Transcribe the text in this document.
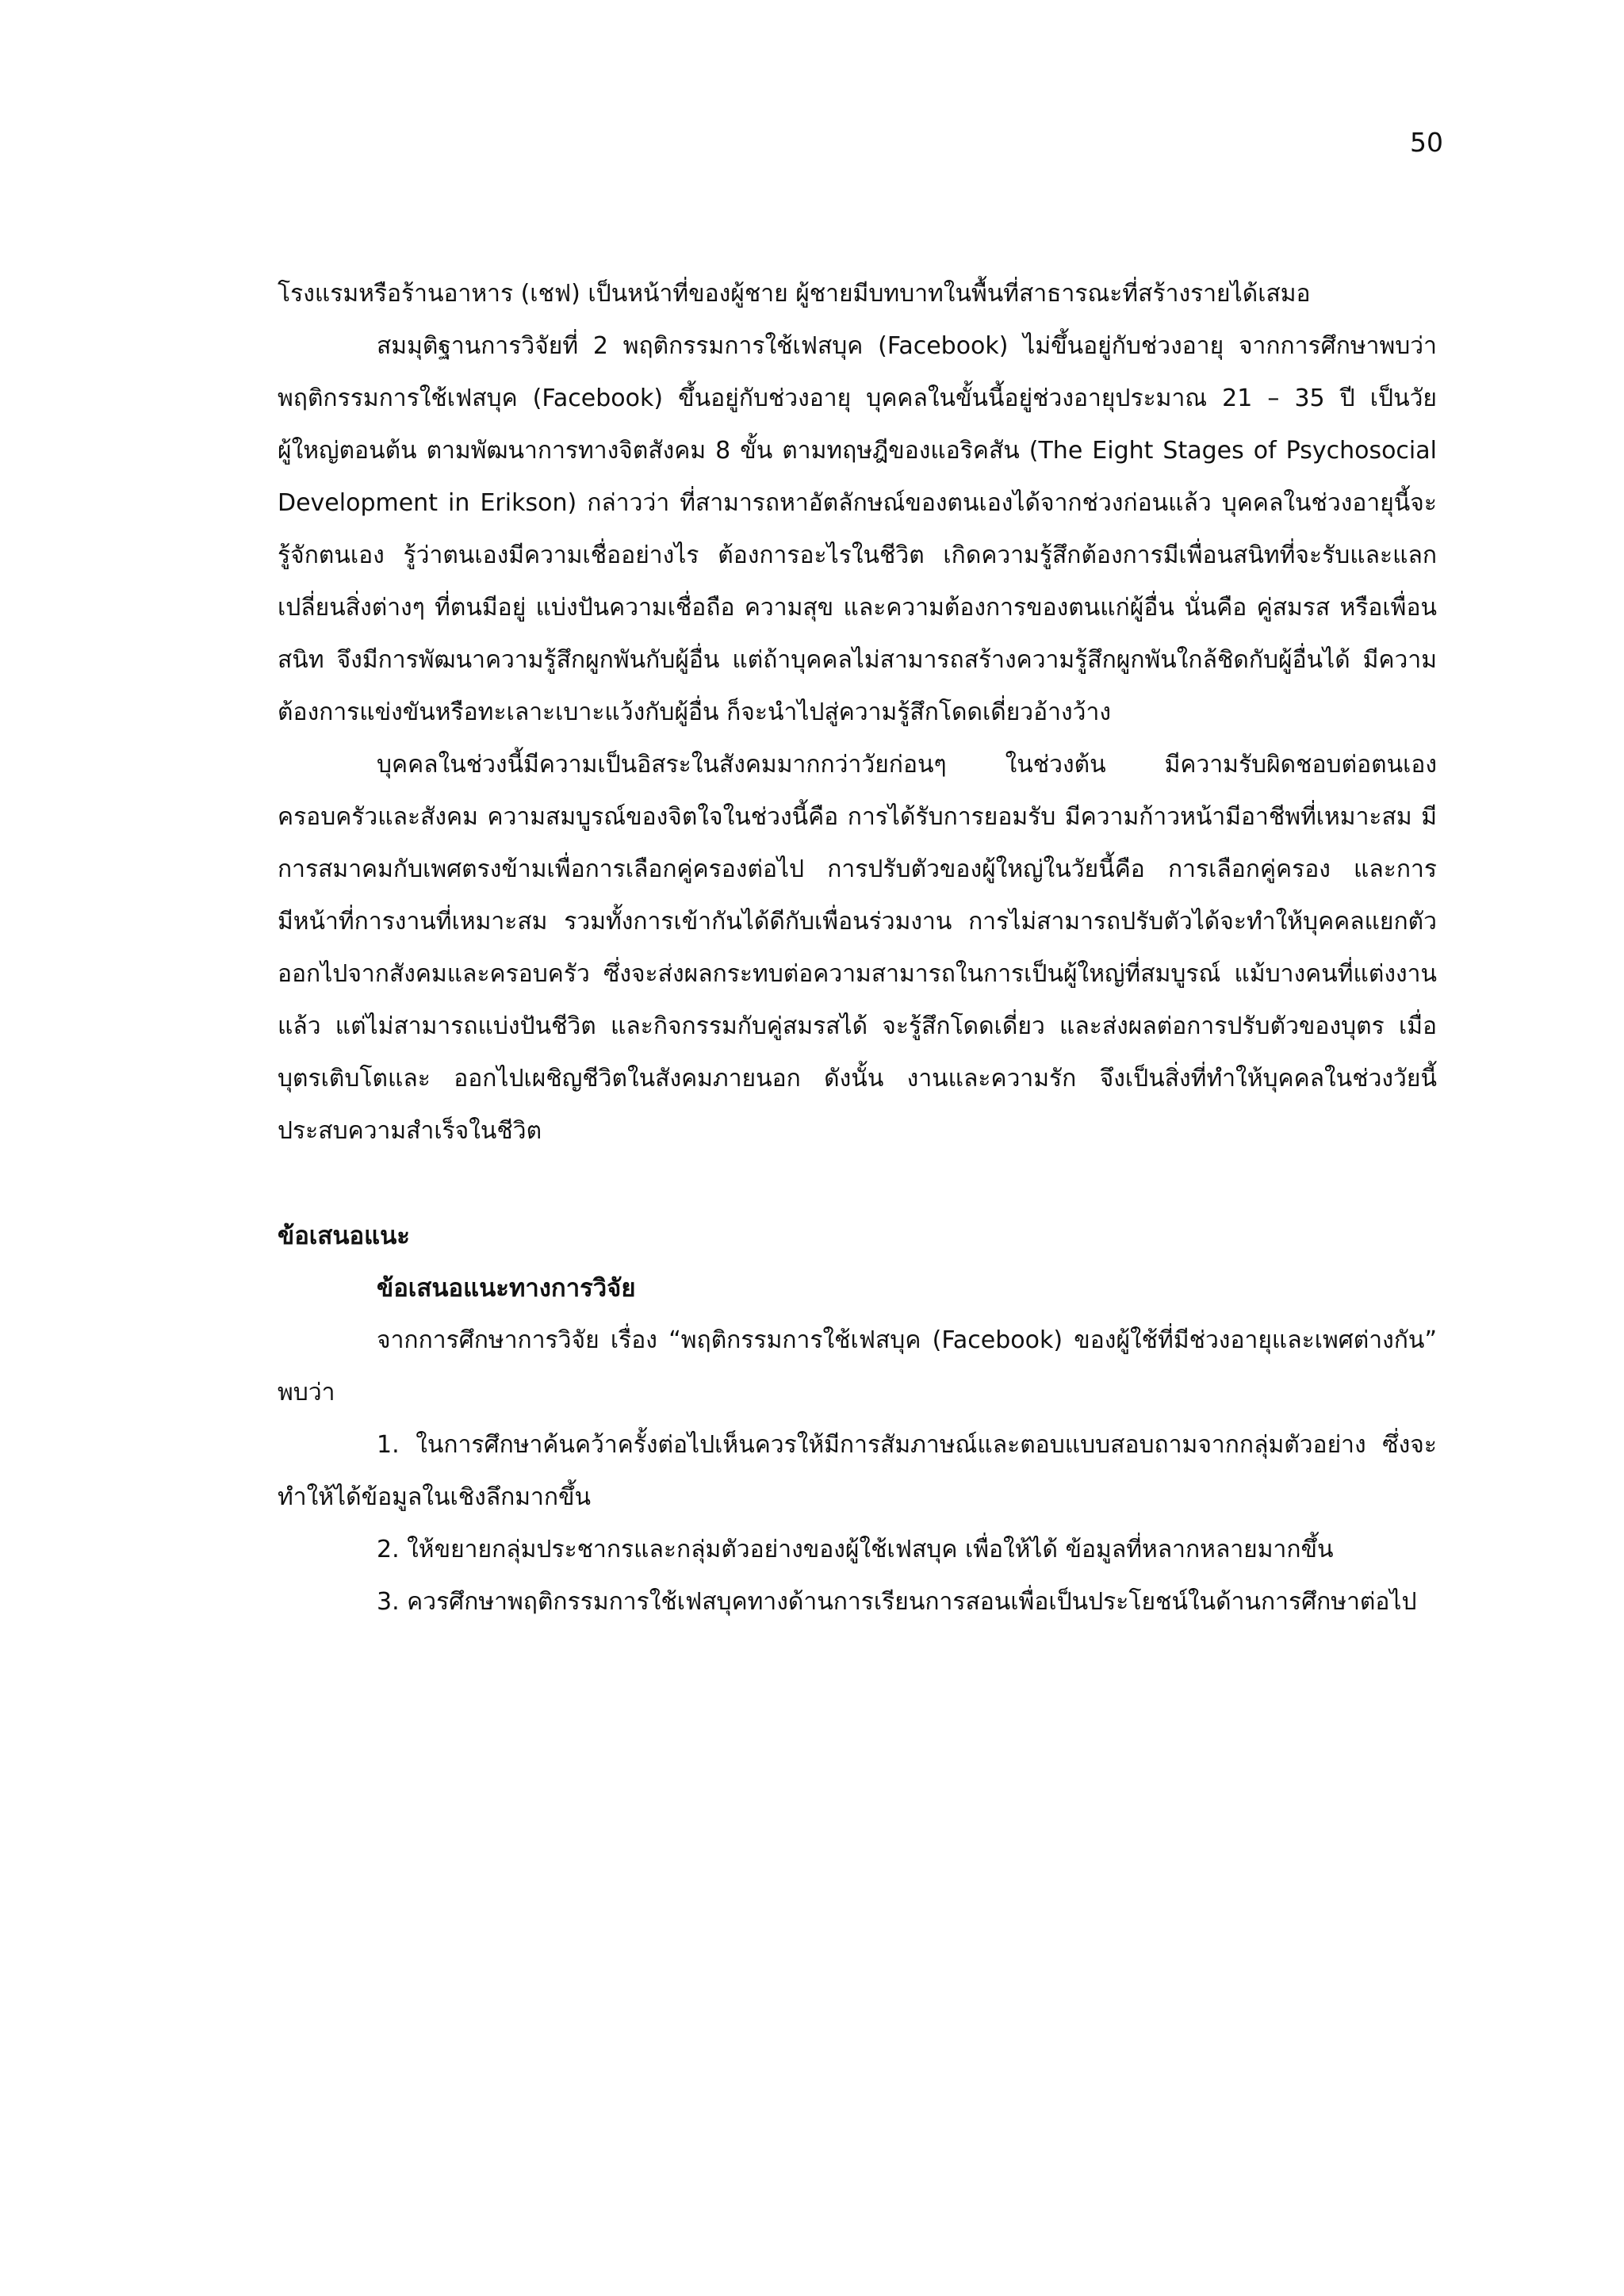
50

โรงแรมหรือร้านอาหาร (เชฟ) เป็นหน้าที่ของผู้ชาย ผู้ชายมีบทบาทในพื้นที่สาธารณะที่สร้างรายได้เสมอ

สมมุติฐานการวิจัยที่ 2 พฤติกรรมการใช้เฟสบุค (Facebook) ไม่ขึ้นอยู่กับช่วงอายุ จากการศึกษาพบว่า พฤติกรรมการใช้เฟสบุค (Facebook) ขึ้นอยู่กับช่วงอายุ บุคคลในขั้นนี้อยู่ช่วงอายุประมาณ 21 – 35 ปี เป็นวัยผู้ใหญ่ตอนต้น ตามพัฒนาการทางจิตสังคม 8 ขั้น ตามทฤษฎีของแอริคสัน (The Eight Stages of Psychosocial Development in Erikson) กล่าวว่า ที่สามารถหาอัตลักษณ์ของตนเองได้จากช่วงก่อนแล้ว บุคคลในช่วงอายุนี้จะรู้จักตนเอง รู้ว่าตนเองมีความเชื่ออย่างไร ต้องการอะไรในชีวิต เกิดความรู้สึกต้องการมีเพื่อนสนิทที่จะรับและแลกเปลี่ยนสิ่งต่างๆ ที่ตนมีอยู่ แบ่งปันความเชื่อถือ ความสุข และความต้องการของตนแก่ผู้อื่น นั่นคือ คู่สมรส หรือเพื่อนสนิท จึงมีการพัฒนาความรู้สึกผูกพันกับผู้อื่น แต่ถ้าบุคคลไม่สามารถสร้างความรู้สึกผูกพันใกล้ชิดกับผู้อื่นได้ มีความต้องการแข่งขันหรือทะเลาะเบาะแว้งกับผู้อื่น ก็จะนำไปสู่ความรู้สึกโดดเดี่ยวอ้างว้าง

บุคคลในช่วงนี้มีความเป็นอิสระในสังคมมากกว่าวัยก่อนๆ ในช่วงต้น มีความรับผิดชอบต่อตนเอง ครอบครัวและสังคม ความสมบูรณ์ของจิตใจในช่วงนี้คือ การได้รับการยอมรับ มีความก้าวหน้ามีอาชีพที่เหมาะสม มีการสมาคมกับเพศตรงข้ามเพื่อการเลือกคู่ครองต่อไป การปรับตัวของผู้ใหญ่ในวัยนี้คือ การเลือกคู่ครอง และการมีหน้าที่การงานที่เหมาะสม รวมทั้งการเข้ากันได้ดีกับเพื่อนร่วมงาน การไม่สามารถปรับตัวได้จะทำให้บุคคลแยกตัวออกไปจากสังคมและครอบครัว ซึ่งจะส่งผลกระทบต่อความสามารถในการเป็นผู้ใหญ่ที่สมบูรณ์ แม้บางคนที่แต่งงานแล้ว แต่ไม่สามารถแบ่งปันชีวิต และกิจกรรมกับคู่สมรสได้ จะรู้สึกโดดเดี่ยว และส่งผลต่อการปรับตัวของบุตร เมื่อบุตรเติบโตและ ออกไปเผชิญชีวิตในสังคมภายนอก ดังนั้น งานและความรัก จึงเป็นสิ่งที่ทำให้บุคคลในช่วงวัยนี้ประสบความสำเร็จในชีวิต

ข้อเสนอแนะ

ข้อเสนอแนะทางการวิจัย

จากการศึกษาการวิจัย เรื่อง “พฤติกรรมการใช้เฟสบุค (Facebook) ของผู้ใช้ที่มีช่วงอายุและเพศต่างกัน” พบว่า

1. ในการศึกษาค้นคว้าครั้งต่อไปเห็นควรให้มีการสัมภาษณ์และตอบแบบสอบถามจากกลุ่มตัวอย่าง ซึ่งจะทำให้ได้ข้อมูลในเชิงลึกมากขึ้น

2. ให้ขยายกลุ่มประชากรและกลุ่มตัวอย่างของผู้ใช้เฟสบุค เพื่อให้ได้ ข้อมูลที่หลากหลายมากขึ้น

3. ควรศึกษาพฤติกรรมการใช้เฟสบุคทางด้านการเรียนการสอนเพื่อเป็นประโยชน์ในด้านการศึกษาต่อไป
